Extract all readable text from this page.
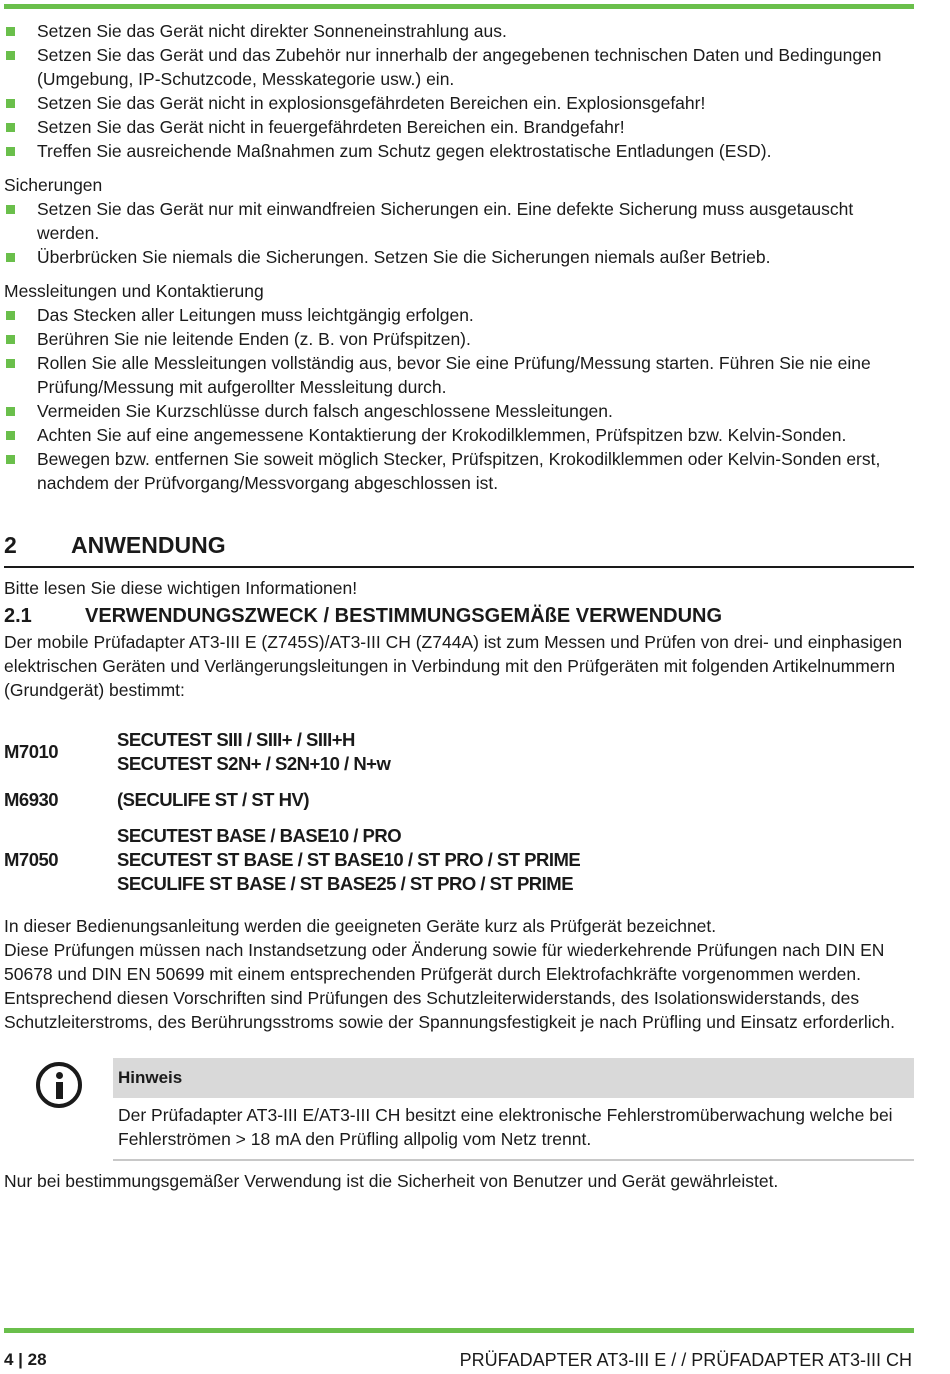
Setzen Sie das Gerät nicht direkter Sonneneinstrahlung aus.
Setzen Sie das Gerät und das Zubehör nur innerhalb der angegebenen technischen Daten und Bedingungen (Umgebung, IP-Schutzcode, Messkategorie usw.) ein.
Setzen Sie das Gerät nicht in explosionsgefährdeten Bereichen ein. Explosionsgefahr!
Setzen Sie das Gerät nicht in feuergefährdeten Bereichen ein. Brandgefahr!
Treffen Sie ausreichende Maßnahmen zum Schutz gegen elektrostatische Entladungen (ESD).
Sicherungen
Setzen Sie das Gerät nur mit einwandfreien Sicherungen ein. Eine defekte Sicherung muss ausgetauscht werden.
Überbrücken Sie niemals die Sicherungen. Setzen Sie die Sicherungen niemals außer Betrieb.
Messleitungen und Kontaktierung
Das Stecken aller Leitungen muss leichtgängig erfolgen.
Berühren Sie nie leitende Enden (z. B. von Prüfspitzen).
Rollen Sie alle Messleitungen vollständig aus, bevor Sie eine Prüfung/Messung starten. Führen Sie nie eine Prüfung/Messung mit aufgerollter Messleitung durch.
Vermeiden Sie Kurzschlüsse durch falsch angeschlossene Messleitungen.
Achten Sie auf eine angemessene Kontaktierung der Krokodilklemmen, Prüfspitzen bzw. Kelvin-Sonden.
Bewegen bzw. entfernen Sie soweit möglich Stecker, Prüfspitzen, Krokodilklemmen oder Kelvin-Sonden erst, nachdem der Prüfvorgang/Messvorgang abgeschlossen ist.
2	ANWENDUNG
Bitte lesen Sie diese wichtigen Informationen!
2.1	VERWENDUNGSZWECK / BESTIMMUNGSGEMÄßE VERWENDUNG
Der mobile Prüfadapter AT3-III E (Z745S)/AT3-III CH (Z744A) ist zum Messen und Prüfen von drei- und einphasigen elektrischen Geräten und Verlängerungsleitungen in Verbindung mit den Prüfgeräten mit folgenden Artikelnummern (Grundgerät) bestimmt:
M7010	SECUTEST SIII / SIII+ / SIII+H
SECUTEST S2N+ / S2N+10 / N+w

M6930	(SECULIFE ST / ST HV)

M7050	SECUTEST BASE / BASE10 / PRO
SECUTEST ST BASE / ST BASE10 / ST PRO / ST PRIME
SECULIFE ST BASE / ST BASE25 / ST PRO / ST PRIME
In dieser Bedienungsanleitung werden die geeigneten Geräte kurz als Prüfgerät bezeichnet.
Diese Prüfungen müssen nach Instandsetzung oder Änderung sowie für wiederkehrende Prüfungen nach DIN EN 50678 und DIN EN 50699 mit einem entsprechenden Prüfgerät durch Elektrofachkräfte vorgenommen werden.
Entsprechend diesen Vorschriften sind Prüfungen des Schutzleiterwiderstands, des Isolationswiderstands, des Schutzleiterstroms, des Berührungsstroms sowie der Spannungsfestigkeit je nach Prüfling und Einsatz erforderlich.
Hinweis
Der Prüfadapter AT3-III E/AT3-III CH besitzt eine elektronische Fehlerstromüberwachung welche bei Fehlerströmen > 18 mA den Prüfling allpolig vom Netz trennt.
Nur bei bestimmungsgemäßer Verwendung ist die Sicherheit von Benutzer und Gerät gewährleistet.
4 | 28	PRÜFADAPTER AT3-III E / / PRÜFADAPTER AT3-III CH
